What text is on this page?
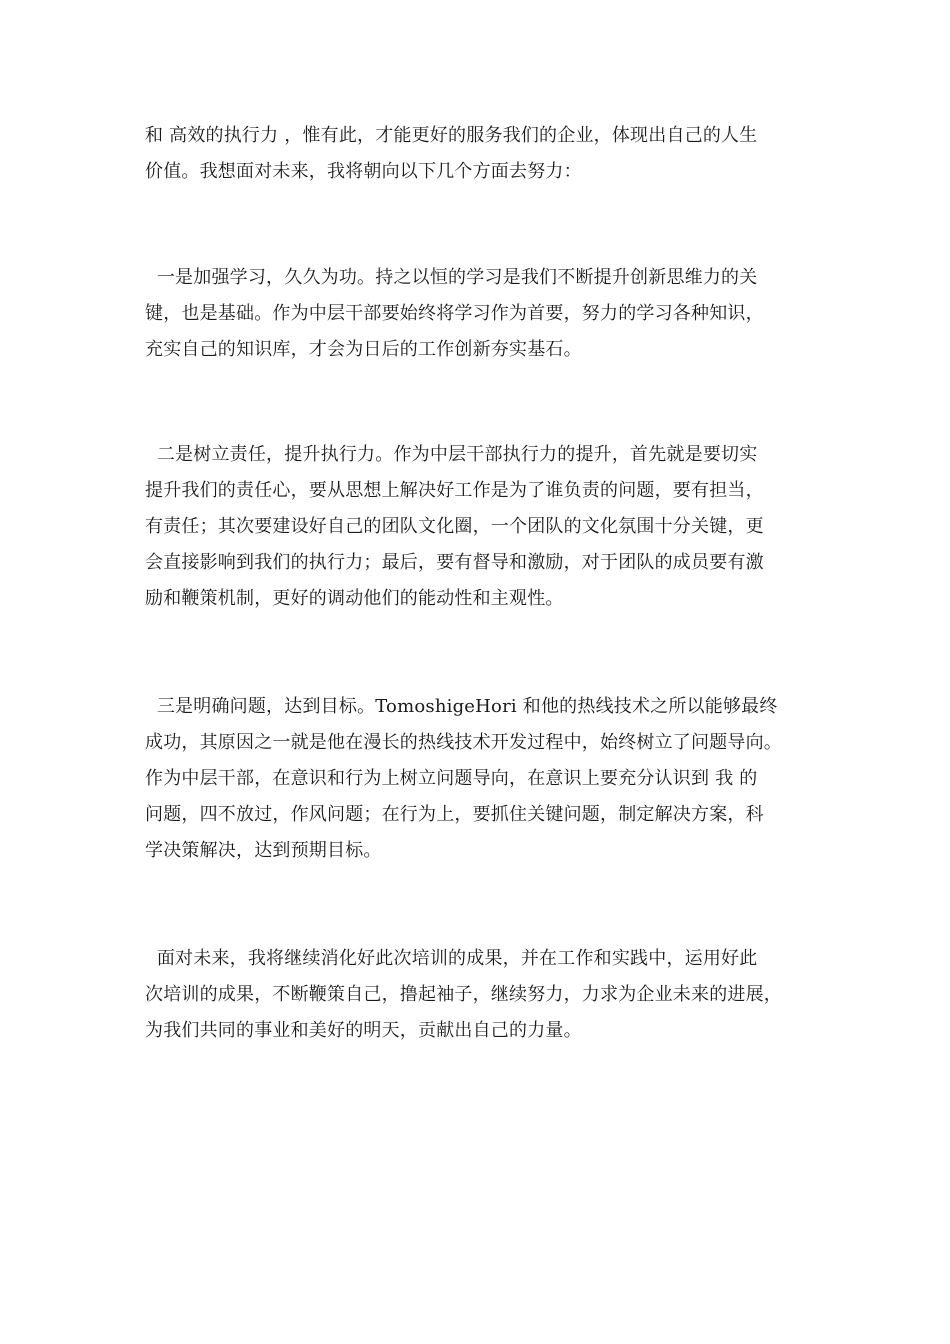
和 高效的执行力 ，惟有此，才能更好的服务我们的企业，体现出自己的人生
价值。我想面对未来，我将朝向以下几个方面去努力：

一是加强学习，久久为功。持之以恒的学习是我们不断提升创新思维力的关
键，也是基础。作为中层干部要始终将学习作为首要，努力的学习各种知识，
充实自己的知识库，才会为日后的工作创新夯实基石。

二是树立责任，提升执行力。作为中层干部执行力的提升，首先就是要切实
提升我们的责任心，要从思想上解决好工作是为了谁负责的问题，要有担当，
有责任；其次要建设好自己的团队文化圈，一个团队的文化氛围十分关键，更
会直接影响到我们的执行力；最后，要有督导和激励，对于团队的成员要有激
励和鞭策机制，更好的调动他们的能动性和主观性。

三是明确问题，达到目标。TomoshigeHori 和他的热线技术之所以能够最终
成功，其原因之一就是他在漫长的热线技术开发过程中，始终树立了问题导向。
作为中层干部，在意识和行为上树立问题导向，在意识上要充分认识到 我 的
问题，四不放过，作风问题；在行为上，要抓住关键问题，制定解决方案，科
学决策解决，达到预期目标。

面对未来，我将继续消化好此次培训的成果，并在工作和实践中，运用好此
次培训的成果，不断鞭策自己，撸起袖子，继续努力，力求为企业未来的进展，
为我们共同的事业和美好的明天，贡献出自己的力量。
